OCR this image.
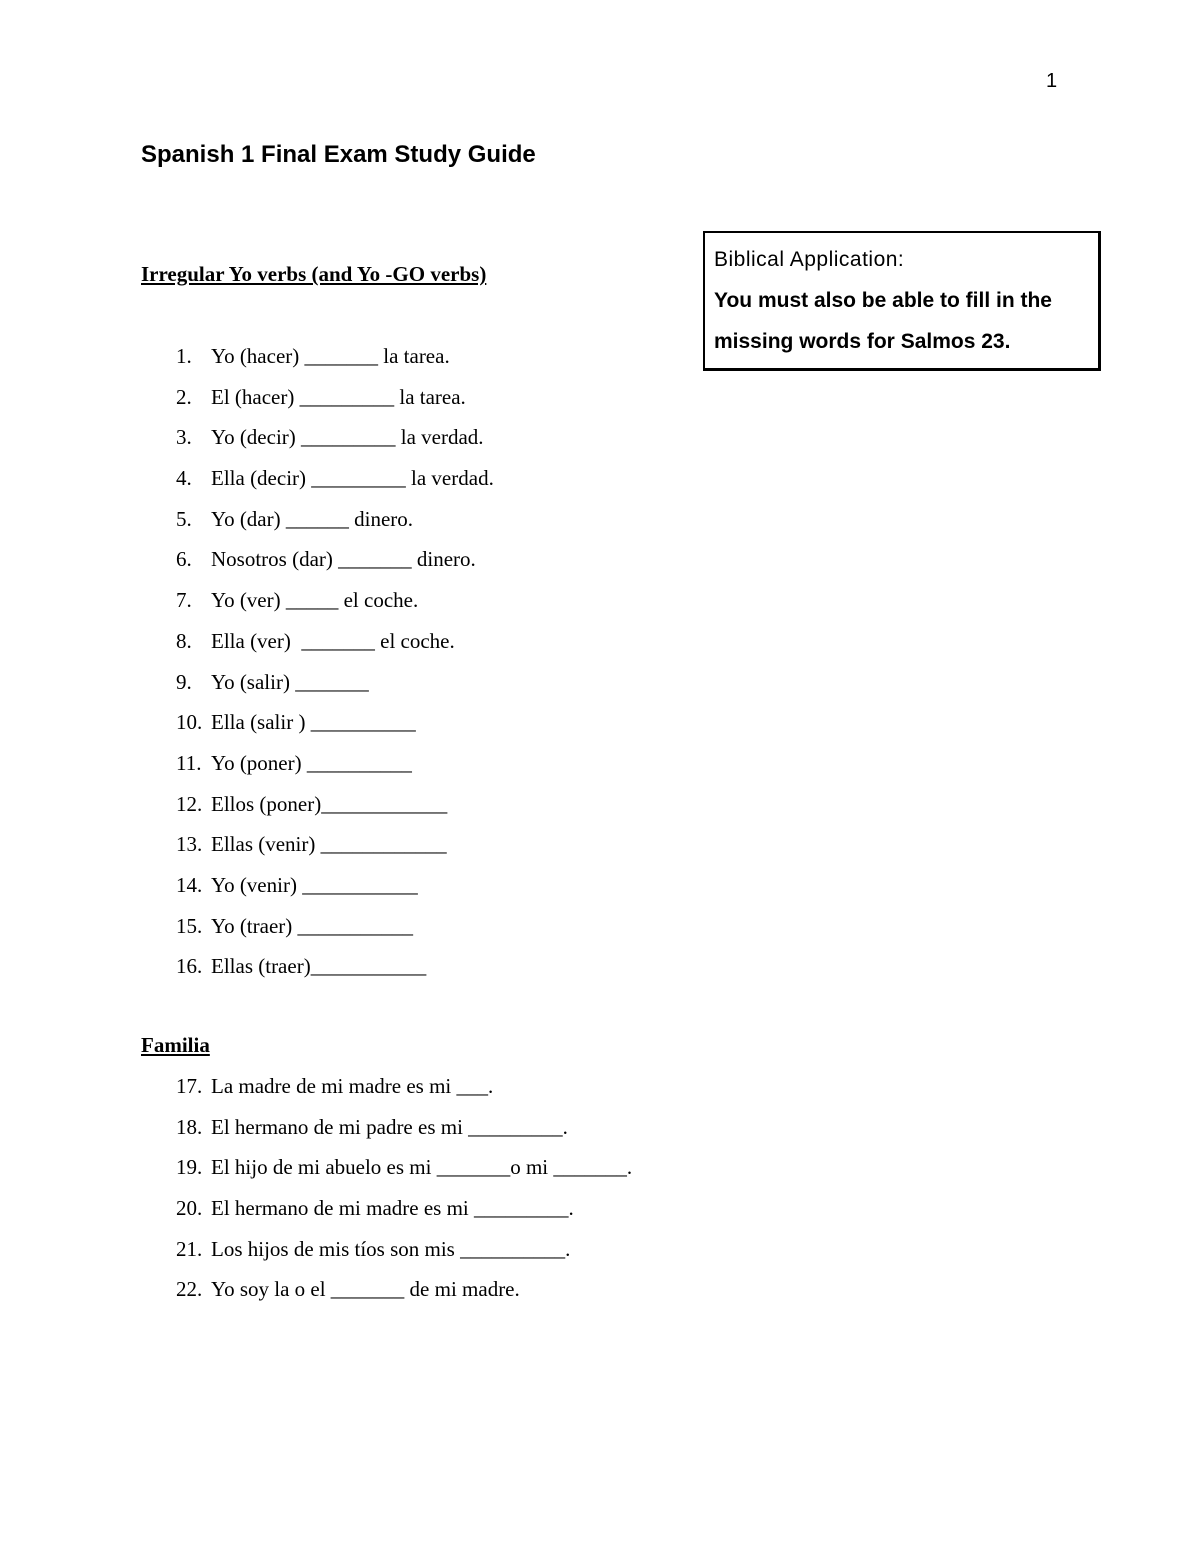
1
Spanish 1 Final Exam Study Guide
Biblical Application:
You must also be able to fill in the
missing words for Salmos 23.
Irregular Yo verbs (and Yo -GO verbs)
1. Yo (hacer) _______ la tarea.
2. El (hacer) _________ la tarea.
3. Yo (decir) _________ la verdad.
4. Ella (decir) _________ la verdad.
5. Yo (dar) ______ dinero.
6. Nosotros (dar) _______ dinero.
7. Yo (ver) _____ el coche.
8. Ella (ver)  _______ el coche.
9. Yo (salir) _______
10. Ella (salir ) __________
11. Yo (poner) __________
12. Ellos (poner)____________
13. Ellas (venir) ____________
14. Yo (venir) ___________
15. Yo (traer) ___________
16. Ellas (traer)___________
Familia
17. La madre de mi madre es mi ___.
18. El hermano de mi padre es mi _________.
19. El hijo de mi abuelo es mi _______o mi _______.
20. El hermano de mi madre es mi _________.
21. Los hijos de mis tíos son mis __________.
22. Yo soy la o el _______ de mi madre.
